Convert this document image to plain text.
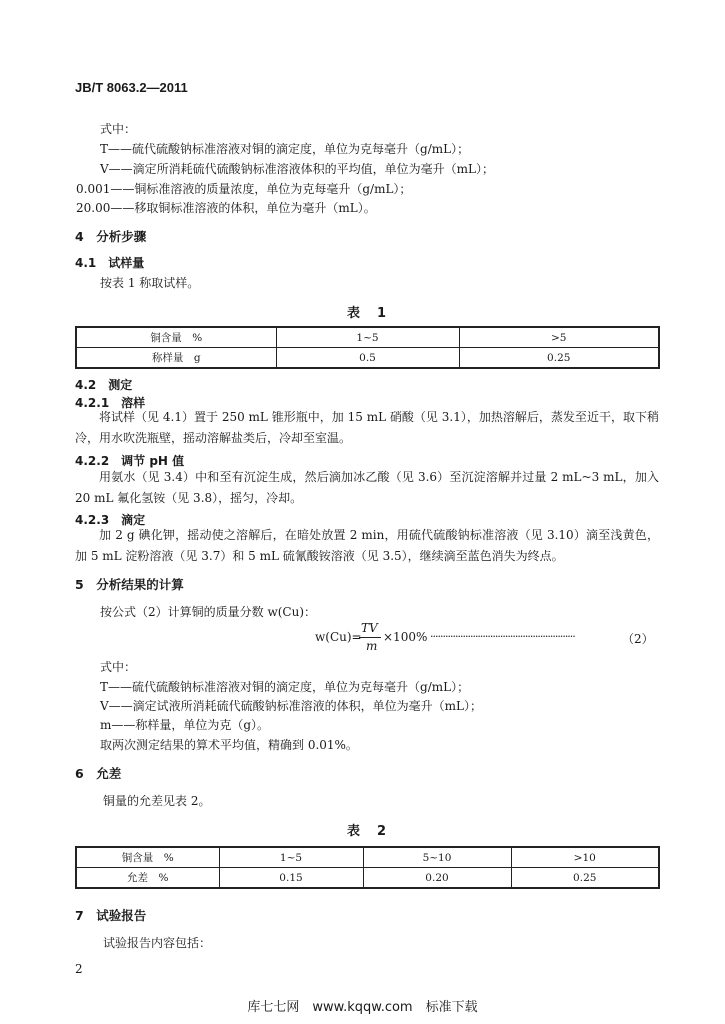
JB/T 8063.2—2011
式中：
T——硫代硫酸钠标准溶液对铜的滴定度，单位为克每毫升（g/mL）；
V——滴定所消耗硫代硫酸钠标准溶液体积的平均值，单位为毫升（mL）；
0.001——铜标准溶液的质量浓度，单位为克每毫升（g/mL）；
20.00——移取铜标准溶液的体积，单位为毫升（mL）。
4　分析步骤
4.1　试样量
按表 1 称取试样。
表　1
铜含量　%	1~5	>5
称样量　g	0.5	0.25
4.2　测定
4.2.1　溶样
将试样（见 4.1）置于 250 mL 锥形瓶中，加 15 mL 硝酸（见 3.1），加热溶解后，蒸发至近干，取下稍冷，用水吹洗瓶壁，摇动溶解盐类后，冷却至室温。
4.2.2　调节 pH 值
用氨水（见 3.4）中和至有沉淀生成，然后滴加冰乙酸（见 3.6）至沉淀溶解并过量 2 mL~3 mL，加入 20 mL 氟化氢铵（见 3.8），摇匀，冷却。
4.2.3　滴定
加 2 g 碘化钾，摇动使之溶解后，在暗处放置 2 min，用硫代硫酸钠标准溶液（见 3.10）滴至浅黄色，加 5 mL 淀粉溶液（见 3.7）和 5 mL 硫氰酸铵溶液（见 3.5），继续滴至蓝色消失为终点。
5　分析结果的计算
按公式（2）计算铜的质量分数 w(Cu)：
w(Cu)=
TV
m
×100% ··························································	（2）
式中：
T——硫代硫酸钠标准溶液对铜的滴定度，单位为克每毫升（g/mL）；
V——滴定试液所消耗硫代硫酸钠标准溶液的体积，单位为毫升（mL）；
m——称样量，单位为克（g）。
取两次测定结果的算术平均值，精确到 0.01%。
6　允差
铜量的允差见表 2。
表　2
铜含量　%	1~5	5~10	>10
允差　%	0.15	0.20	0.25
7　试验报告
试验报告内容包括：
2
库七七网　www.kqqw.com　标准下载
